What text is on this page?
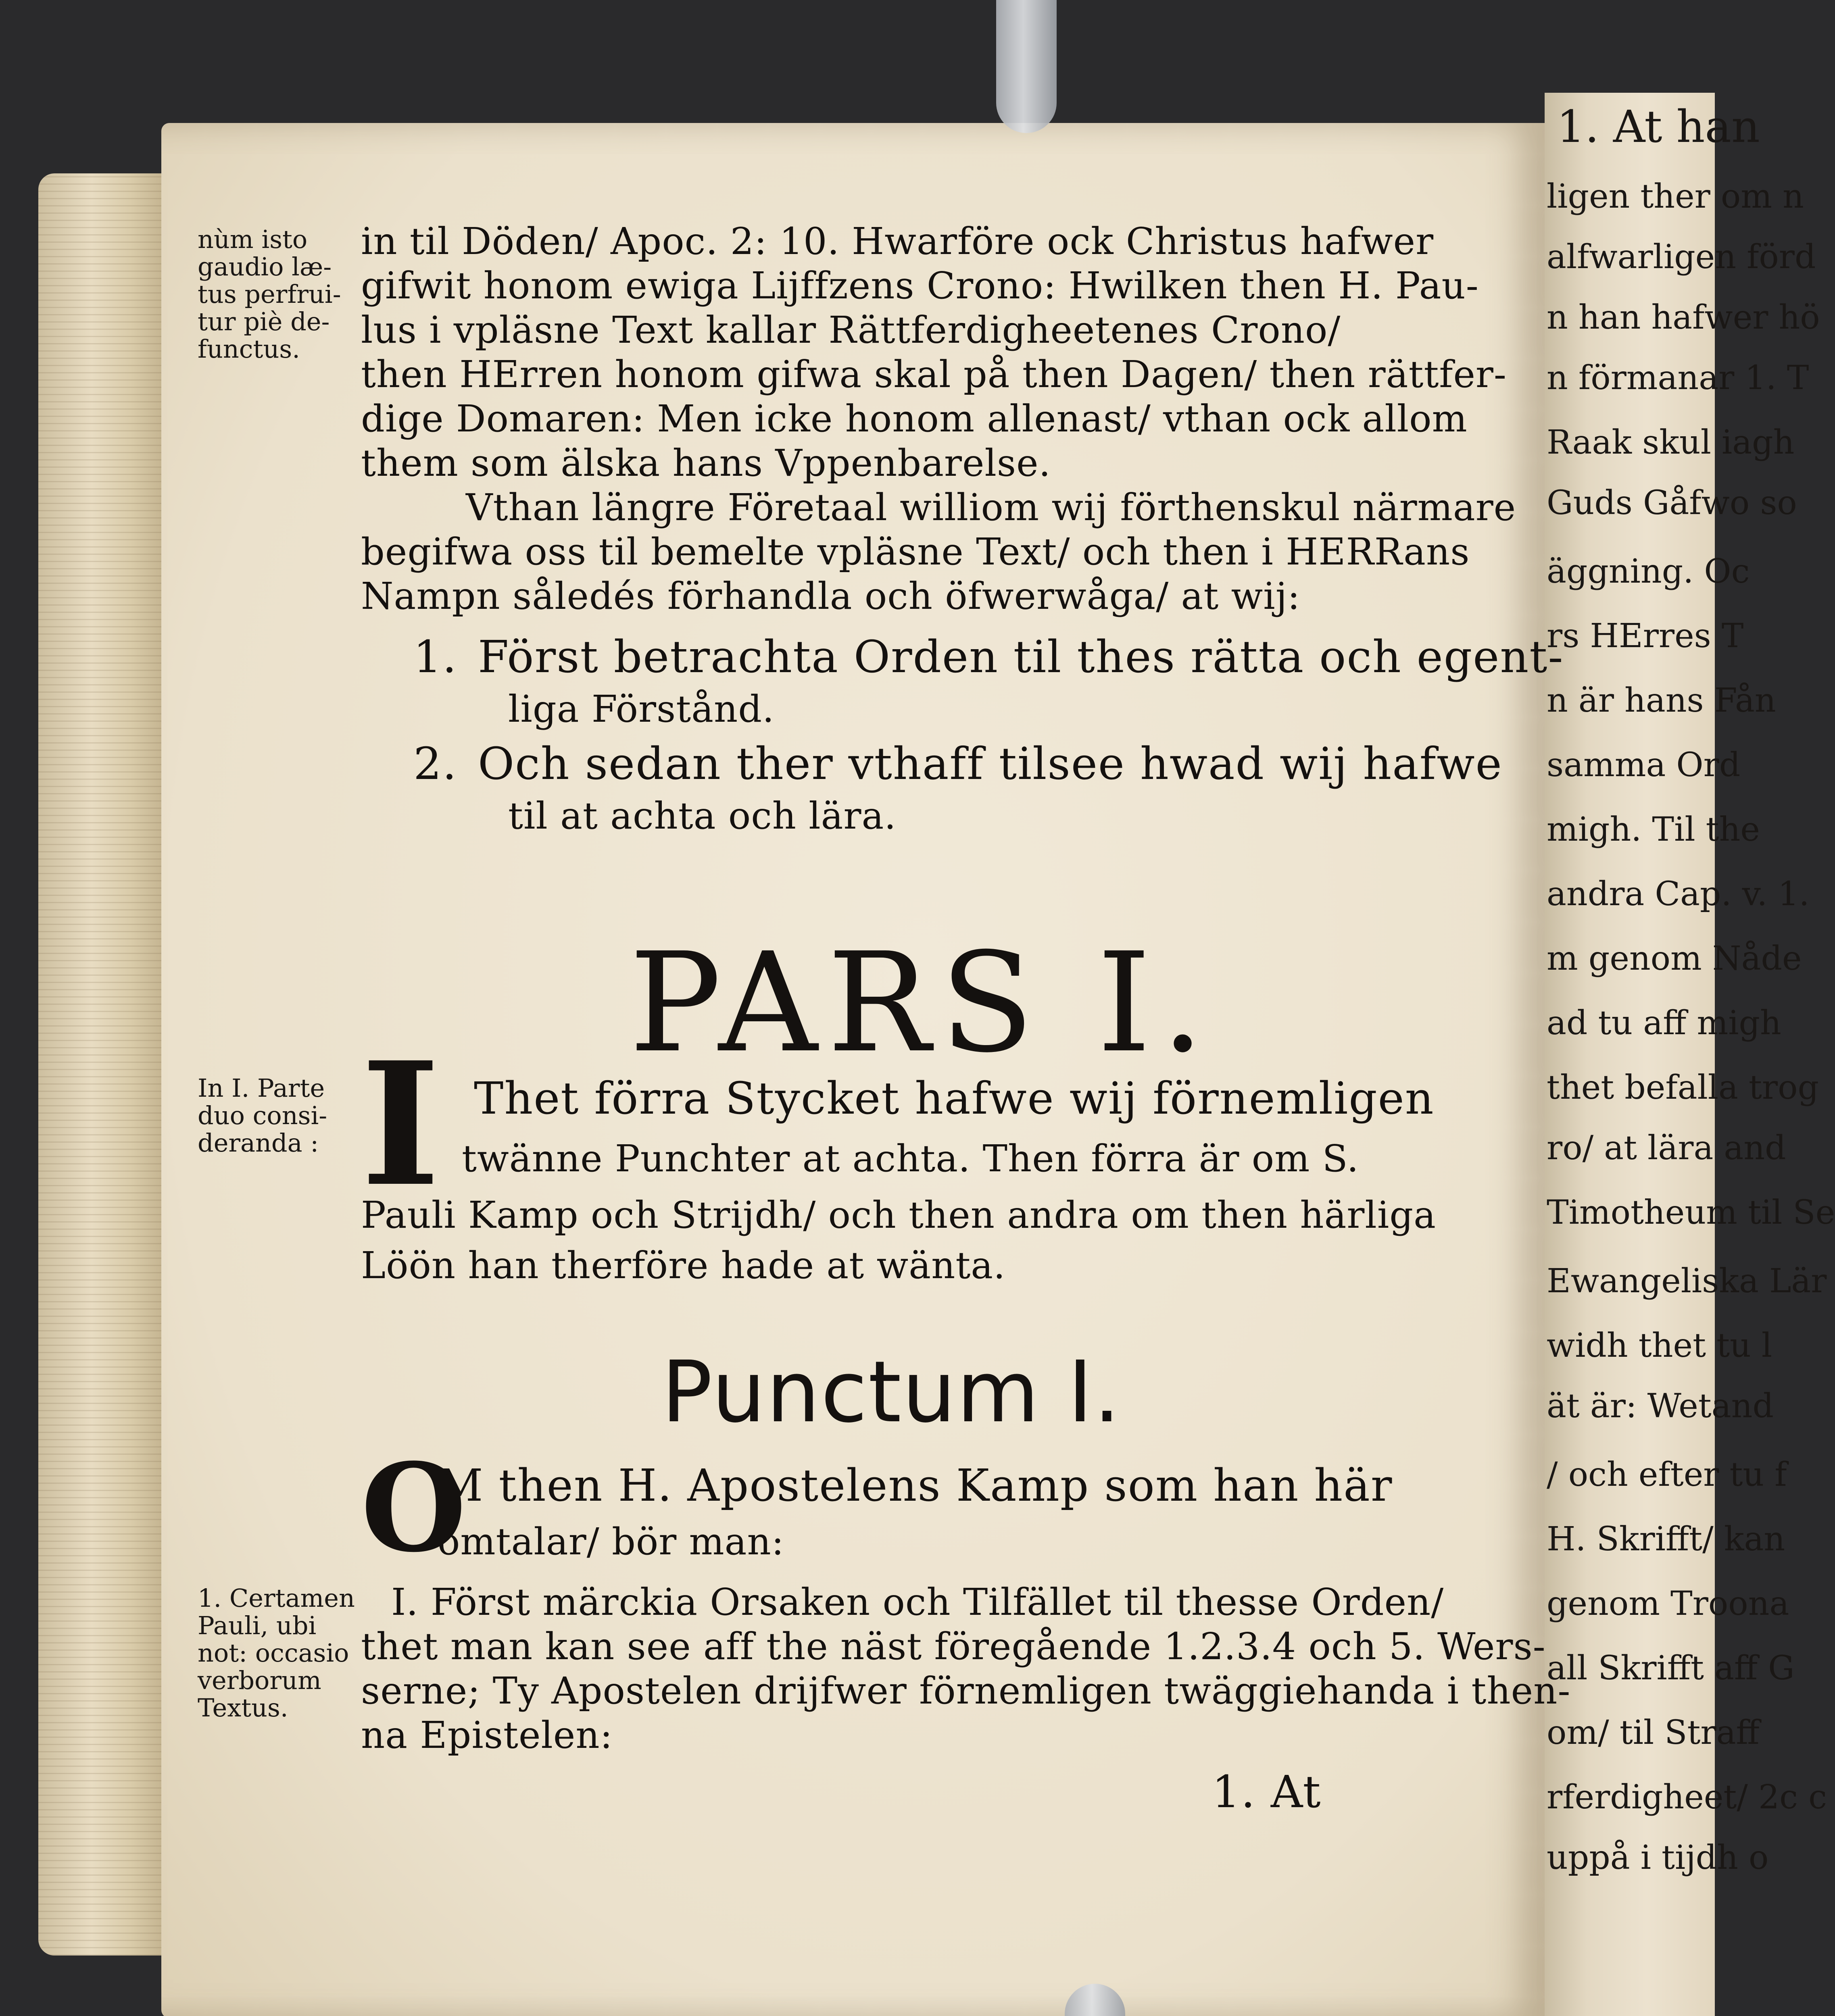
1. At han
ligen ther om n
alfwarligen förd
n han hafwer hö
n förmanar 1. T
Raak skul iagh
Guds Gåfwo so
äggning. Oc
rs HErres T
n är hans Fån
samma Ord
migh. Til the
andra Cap. v. 1.
m genom Nåde
ad tu aff migh
thet befalla trog
ro/ at lära and
Timotheum til Se
Ewangeliska Lär
widh thet tu l
ät är: Wetand
/ och efter tu f
H. Skrifft/ kan
genom Troona
all Skrifft aff G
om/ til Straff
rferdigheet/ 2c c
uppå i tijdh o
nùm isto
gaudio læ-
tus perfrui-
tur piè de-
functus.
In I. Parte
duo consi-
deranda :
1. Certamen
Pauli, ubi
not: occasio
verborum
Textus.
in til Döden/ Apoc. 2: 10. Hwarföre ock Christus hafwer
gifwit honom ewiga Lijffzens Crono: Hwilken then H. Pau-
lus i vpläsne Text kallar Rättferdigheetenes Crono/
then HErren honom gifwa skal på then Dagen/ then rättfer-
dige Domaren: Men icke honom allenast/ vthan ock allom
them som älska hans Vppenbarelse.
Vthan längre Företaal williom wij förthenskul närmare
begifwa oss til bemelte vpläsne Text/ och then i HERRans
Nampn såledés förhandla och öfwerwåga/ at wij:
1. Först betrachta Orden til thes rätta och egent-
liga Förstånd.
2. Och sedan ther vthaff tilsee hwad wij hafwe
til at achta och lära.
I Thet förra Stycket hafwe wij förnemligen
twänne Punchter at achta. Then förra är om S.
Pauli Kamp och Strijdh/ och then andra om then härliga
Löön han therföre hade at wänta.
O
M then H. Apostelens Kamp som han här
omtalar/ bör man:
I. Först märckia Orsaken och Tilfället til thesse Orden/
thet man kan see aff the näst föregående 1.2.3.4 och 5. Wers-
serne; Ty Apostelen drijfwer förnemligen twäggiehanda i then-
na Epistelen:
1. At
PARS I.
Punctum I.
